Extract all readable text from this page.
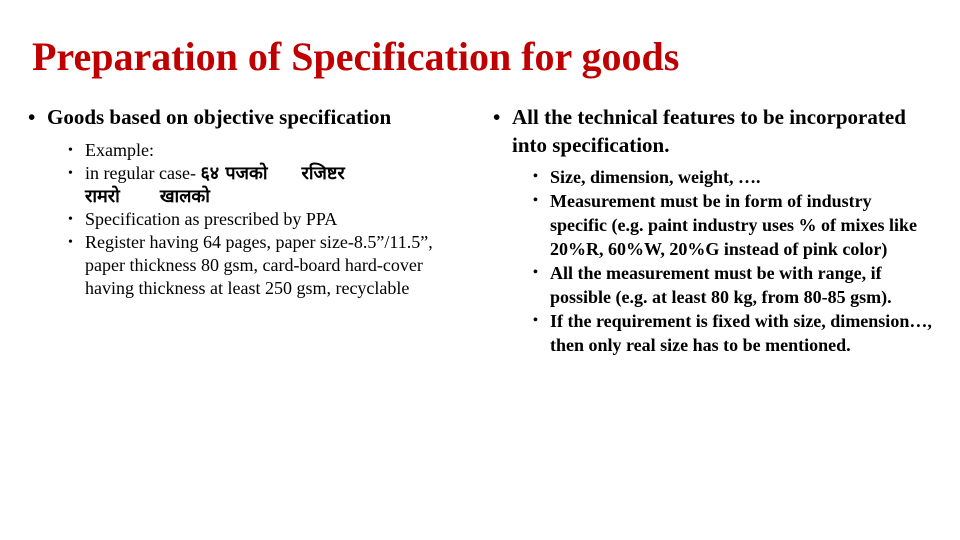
Preparation of Specification for goods
• Goods based on objective specification
• Example:
• in regular case- ६४ पजको रजिष्टर
रामरो खालको
• Specification as prescribed by PPA
• Register having 64 pages, paper size-8.5”/11.5”, paper thickness 80 gsm, card-board hard-cover having thickness at least 250 gsm, recyclable
• All the technical features to be incorporated into specification.
• Size, dimension, weight, ….
• Measurement must be in form of industry specific (e.g. paint industry uses % of mixes like 20%R, 60%W, 20%G instead of pink color)
• All the measurement must be with range, if possible (e.g. at least 80 kg, from 80-85 gsm).
• If the requirement is fixed with size, dimension…, then only real size has to be mentioned.
